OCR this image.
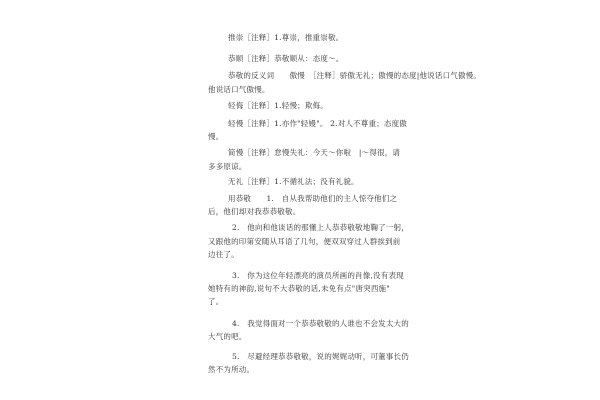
推崇［注释］1.尊崇，推重崇敬。
恭顺［注释］恭敬顺从：态度～。
恭敬的反义词　　傲慢　［注释］骄傲无礼；傲慢的态度|他说话口气傲慢。
他说话口气傲慢。
轻侮［注释］1.轻慢；欺侮。
轻慢［注释］1.亦作"轻嫚"。 2.对人不尊重；态度傲
慢。
简慢［注释］怠慢失礼：今天～你啦　|～得很，请
多多原谅。
无礼［注释］1.不循礼法；没有礼貌。
用恭敬　　1.　自从我帮助他们的主人惊夺他们之
后，他们却对我恭恭敬敬。
2.　他向和他谈话的那懂上人恭恭敬敬地鞠了一躬，
又跟他的印第安随从耳语了几句，便双双穿过人群挨到前
边往了。
3.　你为这位年轻漂亮的演员所画的肖像,没有表现
她特有的神韵,说句不大恭敬的话,未免有点"唐突西施"
了。
4.　我觉得面对一个恭恭敬敬的人谁也不会发太大的
大气的吧。
5.　尽避经理恭恭敬敬，说的娓娓动听，可董事长仍
然不为所动。
